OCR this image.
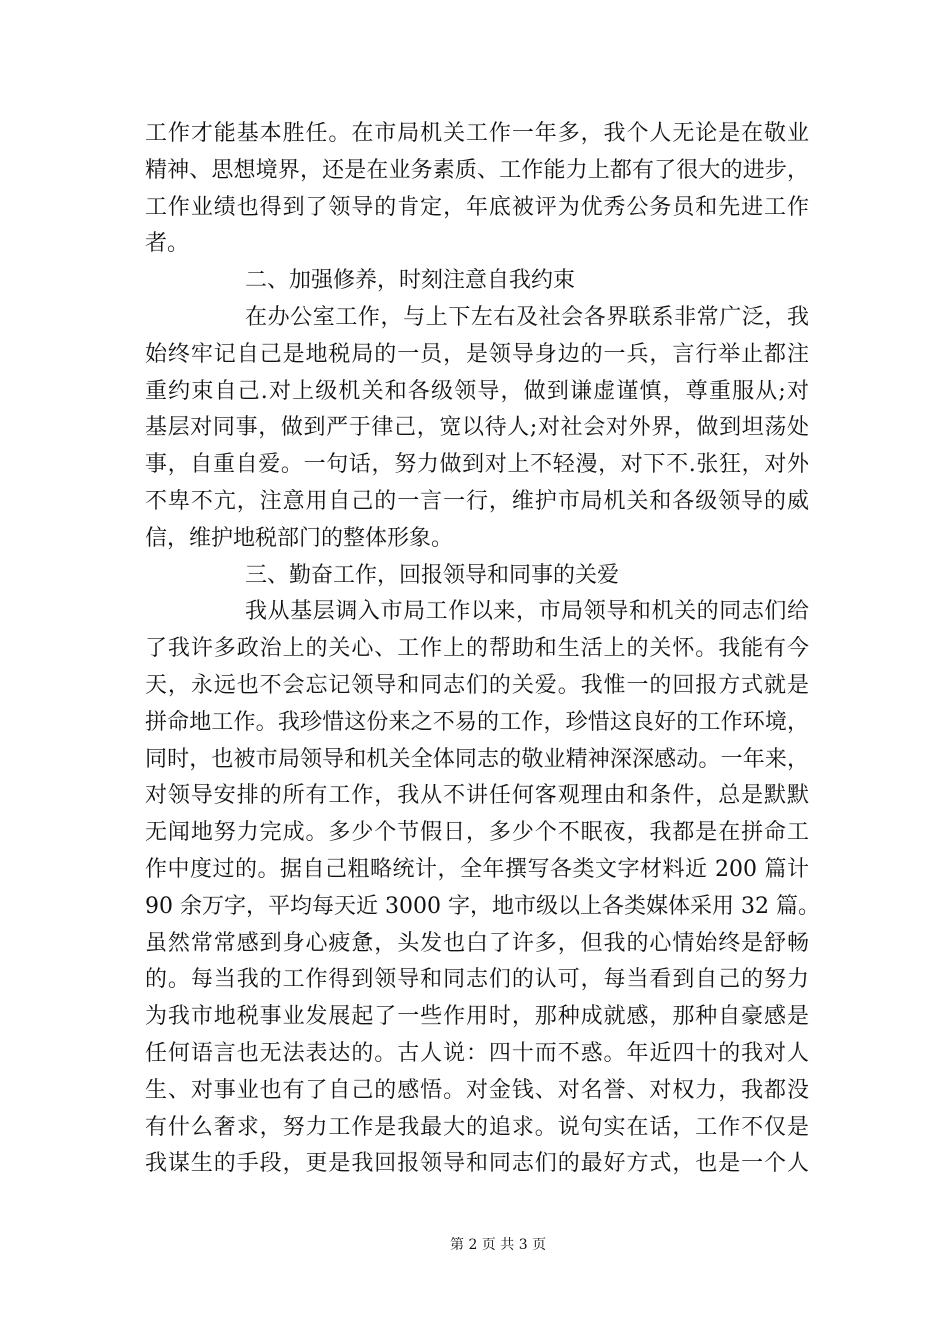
工作才能基本胜任。在市局机关工作一年多，我个人无论是在敬业
精神、思想境界，还是在业务素质、工作能力上都有了很大的进步，
工作业绩也得到了领导的肯定，年底被评为优秀公务员和先进工作
者。
二、加强修养，时刻注意自我约束
在办公室工作，与上下左右及社会各界联系非常广泛，我
始终牢记自己是地税局的一员，是领导身边的一兵，言行举止都注
重约束自己.对上级机关和各级领导，做到谦虚谨慎，尊重服从;对
基层对同事，做到严于律己，宽以待人;对社会对外界，做到坦荡处
事，自重自爱。一句话，努力做到对上不轻漫，对下不.张狂，对外
不卑不亢，注意用自己的一言一行，维护市局机关和各级领导的威
信，维护地税部门的整体形象。
三、勤奋工作，回报领导和同事的关爱
我从基层调入市局工作以来，市局领导和机关的同志们给
了我许多政治上的关心、工作上的帮助和生活上的关怀。我能有今
天，永远也不会忘记领导和同志们的关爱。我惟一的回报方式就是
拼命地工作。我珍惜这份来之不易的工作，珍惜这良好的工作环境，
同时，也被市局领导和机关全体同志的敬业精神深深感动。一年来，
对领导安排的所有工作，我从不讲任何客观理由和条件，总是默默
无闻地努力完成。多少个节假日，多少个不眠夜，我都是在拼命工
作中度过的。据自己粗略统计，全年撰写各类文字材料近 200 篇计
90 余万字，平均每天近 3000 字，地市级以上各类媒体采用 32 篇。
虽然常常感到身心疲惫，头发也白了许多，但我的心情始终是舒畅
的。每当我的工作得到领导和同志们的认可，每当看到自己的努力
为我市地税事业发展起了一些作用时，那种成就感，那种自豪感是
任何语言也无法表达的。古人说：四十而不惑。年近四十的我对人
生、对事业也有了自己的感悟。对金钱、对名誉、对权力，我都没
有什么奢求，努力工作是我最大的追求。说句实在话，工作不仅是
我谋生的手段，更是我回报领导和同志们的最好方式，也是一个人
第 2 页 共 3 页
